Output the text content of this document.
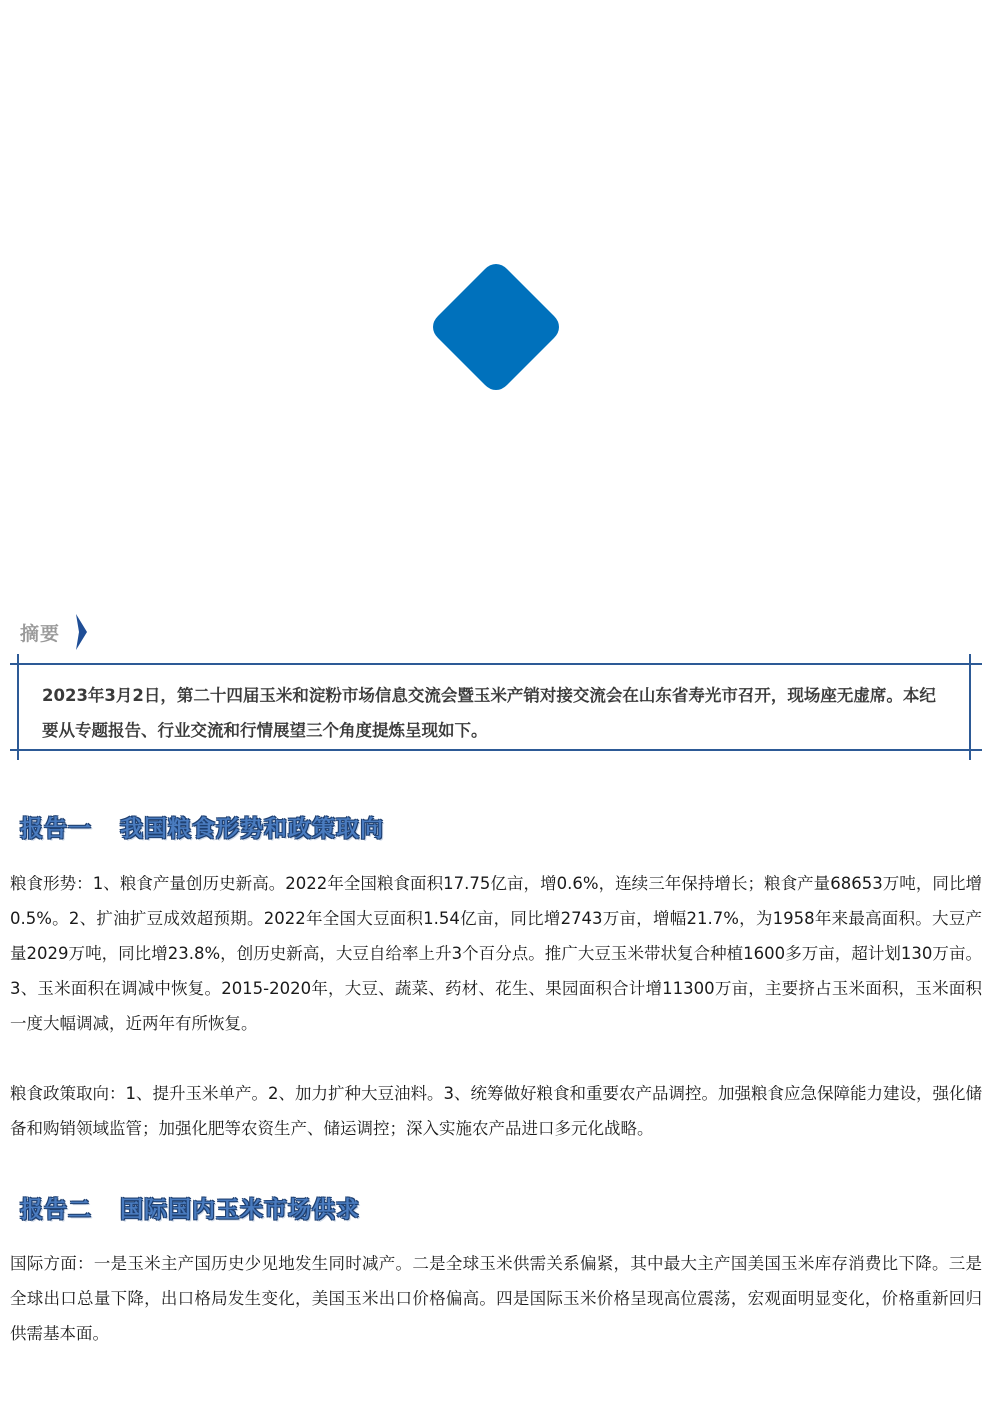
摘要
2023年3月2日，第二十四届玉米和淀粉市场信息交流会暨玉米产销对接交流会在山东省寿光市召开，现场座无虚席。本纪要从专题报告、行业交流和行情展望三个角度提炼呈现如下。
报告一 我国粮食形势和政策取向
粮食形势：1、粮食产量创历史新高。2022年全国粮食面积17.75亿亩，增0.6%，连续三年保持增长；粮食产量68653万吨，同比增0.5%。2、扩油扩豆成效超预期。2022年全国大豆面积1.54亿亩，同比增2743万亩，增幅21.7%，为1958年来最高面积。大豆产量2029万吨，同比增23.8%，创历史新高，大豆自给率上升3个百分点。推广大豆玉米带状复合种植1600多万亩，超计划130万亩。3、玉米面积在调减中恢复。2015-2020年，大豆、蔬菜、药材、花生、果园面积合计增11300万亩，主要挤占玉米面积，玉米面积一度大幅调减，近两年有所恢复。
粮食政策取向：1、提升玉米单产。2、加力扩种大豆油料。3、统筹做好粮食和重要农产品调控。加强粮食应急保障能力建设，强化储备和购销领域监管；加强化肥等农资生产、储运调控；深入实施农产品进口多元化战略。
报告二 国际国内玉米市场供求
国际方面：一是玉米主产国历史少见地发生同时减产。二是全球玉米供需关系偏紧，其中最大主产国美国玉米库存消费比下降。三是全球出口总量下降，出口格局发生变化，美国玉米出口价格偏高。四是国际玉米价格呈现高位震荡，宏观面明显变化，价格重新回归供需基本面。
